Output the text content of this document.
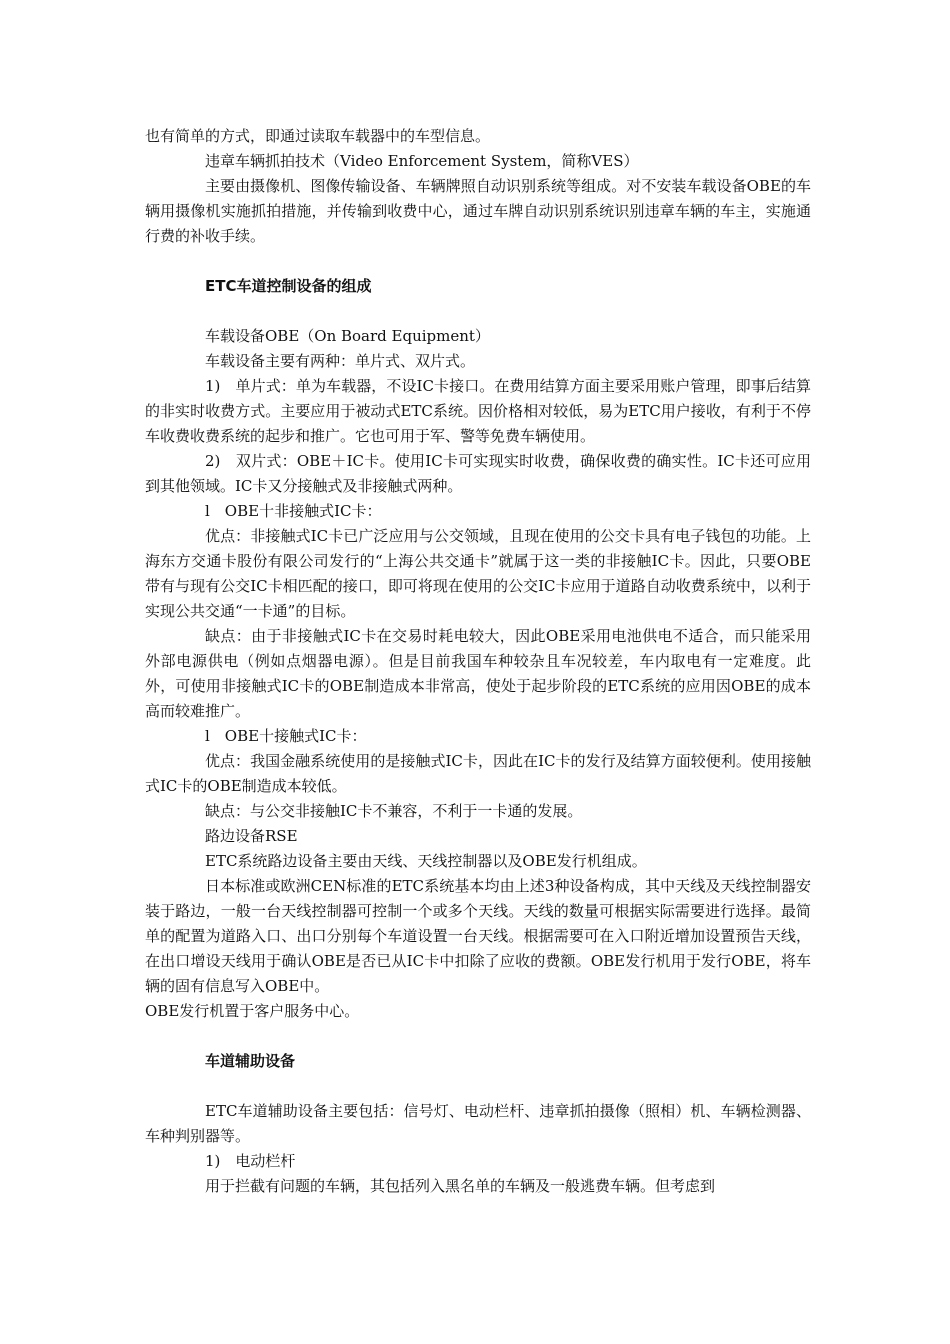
也有简单的方式，即通过读取车载器中的车型信息。

违章车辆抓拍技术（Video Enforcement System，简称VES）

主要由摄像机、图像传输设备、车辆牌照自动识别系统等组成。对不安装车载设备OBE的车辆用摄像机实施抓拍措施，并传输到收费中心，通过车牌自动识别系统识别违章车辆的车主，实施通行费的补收手续。

ETC车道控制设备的组成

车载设备OBE（On Board Equipment）

车载设备主要有两种：单片式、双片式。

1)　单片式：单为车载器，不设IC卡接口。在费用结算方面主要采用账户管理，即事后结算的非实时收费方式。主要应用于被动式ETC系统。因价格相对较低，易为ETC用户接收，有利于不停车收费收费系统的起步和推广。它也可用于军、警等免费车辆使用。

2)　双片式：OBE＋IC卡。使用IC卡可实现实时收费，确保收费的确实性。IC卡还可应用到其他领域。IC卡又分接触式及非接触式两种。

l　OBE十非接触式IC卡：

优点：非接触式IC卡已广泛应用与公交领域，且现在使用的公交卡具有电子钱包的功能。上海东方交通卡股份有限公司发行的“上海公共交通卡”就属于这一类的非接触IC卡。因此，只要OBE带有与现有公交IC卡相匹配的接口，即可将现在使用的公交IC卡应用于道路自动收费系统中，以利于实现公共交通“一卡通”的目标。

缺点：由于非接触式IC卡在交易时耗电较大，因此OBE采用电池供电不适合，而只能采用外部电源供电（例如点烟器电源）。但是目前我国车种较杂且车况较差，车内取电有一定难度。此外，可使用非接触式IC卡的OBE制造成本非常高，使处于起步阶段的ETC系统的应用因OBE的成本高而较难推广。

l　OBE十接触式IC卡：

优点：我国金融系统使用的是接触式IC卡，因此在IC卡的发行及结算方面较便利。使用接触式IC卡的OBE制造成本较低。

缺点：与公交非接触IC卡不兼容，不利于一卡通的发展。

路边设备RSE

ETC系统路边设备主要由天线、天线控制器以及OBE发行机组成。

日本标准或欧洲CEN标准的ETC系统基本均由上述3种设备构成，其中天线及天线控制器安装于路边，一般一台天线控制器可控制一个或多个天线。天线的数量可根据实际需要进行选择。最简单的配置为道路入口、出口分别每个车道设置一台天线。根据需要可在入口附近增加设置预告天线，在出口增设天线用于确认OBE是否已从IC卡中扣除了应收的费额。OBE发行机用于发行OBE，将车辆的固有信息写入OBE中。

OBE发行机置于客户服务中心。

车道辅助设备

ETC车道辅助设备主要包括：信号灯、电动栏杆、违章抓拍摄像（照相）机、车辆检测器、车种判别器等。

1)　电动栏杆

用于拦截有问题的车辆，其包括列入黑名单的车辆及一般逃费车辆。但考虑到
